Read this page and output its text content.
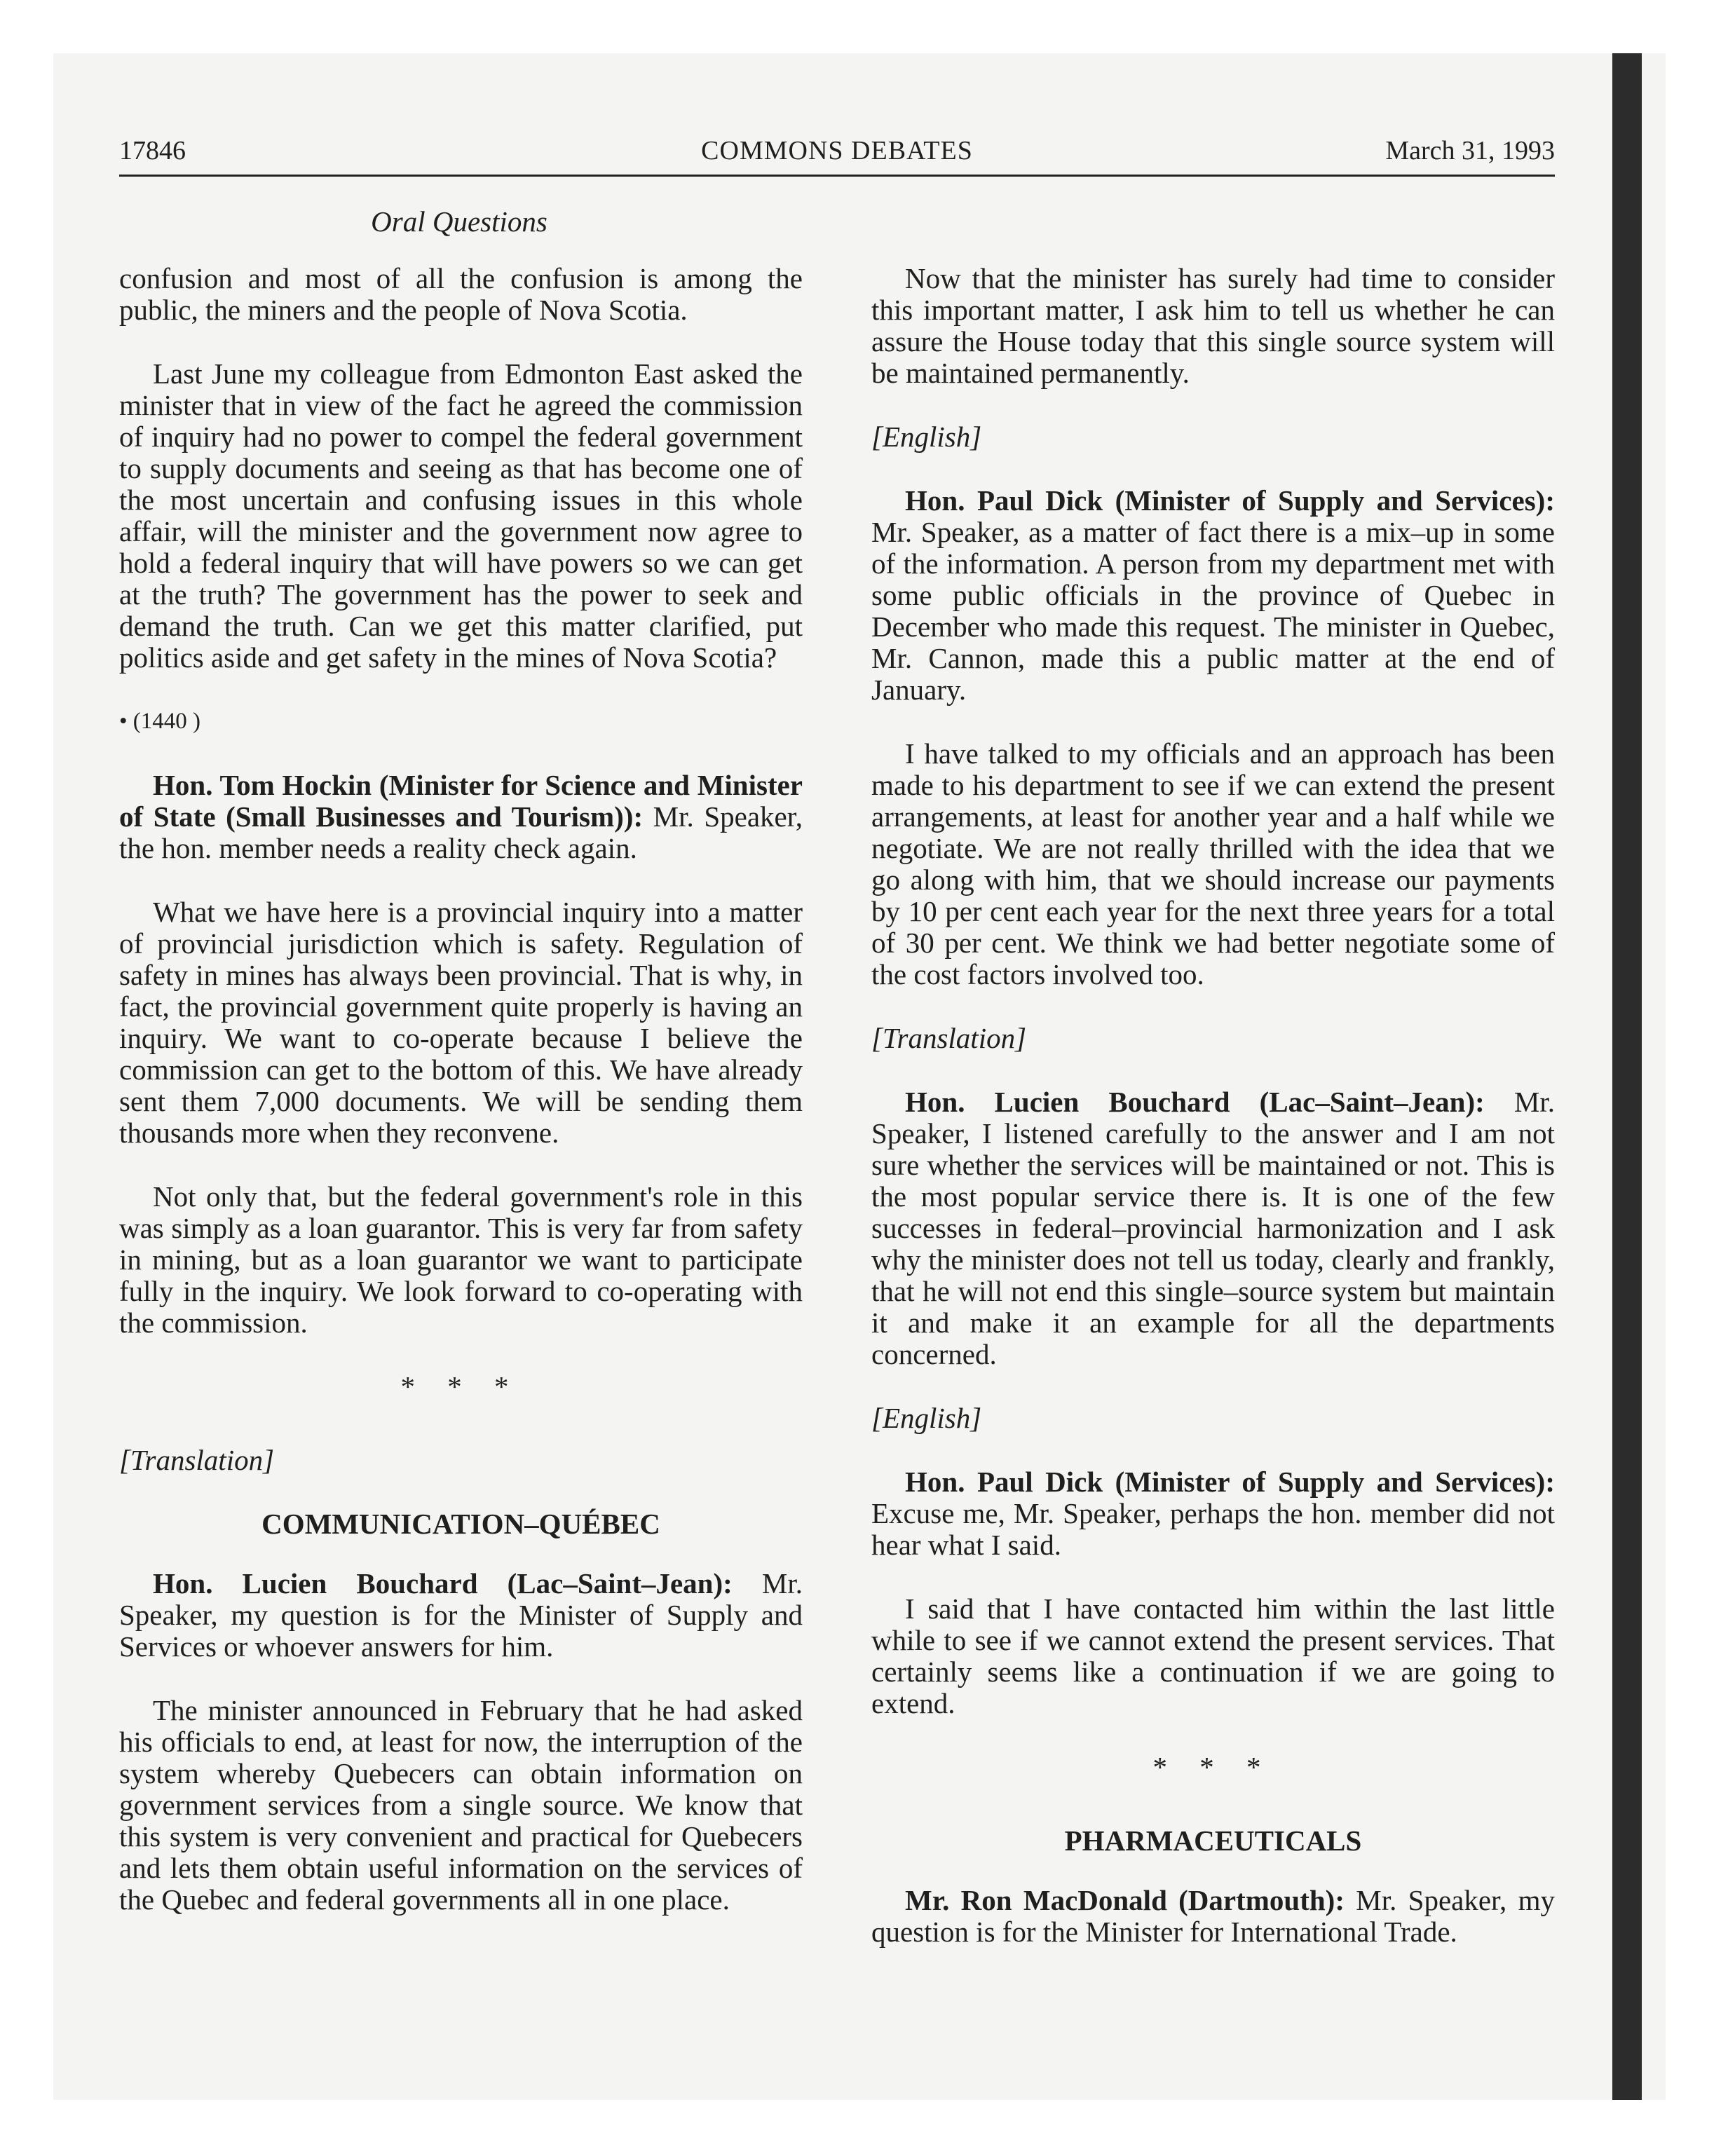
17846	COMMONS DEBATES	March 31, 1993
Oral Questions

confusion and most of all the confusion is among the public, the miners and the people of Nova Scotia.

Last June my colleague from Edmonton East asked the minister that in view of the fact he agreed the commission of inquiry had no power to compel the federal government to supply documents and seeing as that has become one of the most uncertain and confusing issues in this whole affair, will the minister and the government now agree to hold a federal inquiry that will have powers so we can get at the truth? The government has the power to seek and demand the truth. Can we get this matter clarified, put politics aside and get safety in the mines of Nova Scotia?

• (1440 )

Hon. Tom Hockin (Minister for Science and Minister of State (Small Businesses and Tourism)): Mr. Speaker, the hon. member needs a reality check again.

What we have here is a provincial inquiry into a matter of provincial jurisdiction which is safety. Regulation of safety in mines has always been provincial. That is why, in fact, the provincial government quite properly is having an inquiry. We want to co-operate because I believe the commission can get to the bottom of this. We have already sent them 7,000 documents. We will be sending them thousands more when they reconvene.

Not only that, but the federal government's role in this was simply as a loan guarantor. This is very far from safety in mining, but as a loan guarantor we want to participate fully in the inquiry. We look forward to co-operating with the commission.

* * *
[Translation]
COMMUNICATION–QUÉBEC

Hon. Lucien Bouchard (Lac–Saint–Jean): Mr. Speaker, my question is for the Minister of Supply and Services or whoever answers for him.

The minister announced in February that he had asked his officials to end, at least for now, the interruption of the system whereby Quebecers can obtain information on government services from a single source. We know that this system is very convenient and practical for Quebecers and lets them obtain useful information on the services of the Quebec and federal governments all in one place.

Now that the minister has surely had time to consider this important matter, I ask him to tell us whether he can assure the House today that this single source system will be maintained permanently.

[English]

Hon. Paul Dick (Minister of Supply and Services): Mr. Speaker, as a matter of fact there is a mix–up in some of the information. A person from my department met with some public officials in the province of Quebec in December who made this request. The minister in Quebec, Mr. Cannon, made this a public matter at the end of January.

I have talked to my officials and an approach has been made to his department to see if we can extend the present arrangements, at least for another year and a half while we negotiate. We are not really thrilled with the idea that we go along with him, that we should increase our payments by 10 per cent each year for the next three years for a total of 30 per cent. We think we had better negotiate some of the cost factors involved too.

[Translation]

Hon. Lucien Bouchard (Lac–Saint–Jean): Mr. Speaker, I listened carefully to the answer and I am not sure whether the services will be maintained or not. This is the most popular service there is. It is one of the few successes in federal–provincial harmonization and I ask why the minister does not tell us today, clearly and frankly, that he will not end this single–source system but maintain it and make it an example for all the departments concerned.

[English]

Hon. Paul Dick (Minister of Supply and Services): Excuse me, Mr. Speaker, perhaps the hon. member did not hear what I said.

I said that I have contacted him within the last little while to see if we cannot extend the present services. That certainly seems like a continuation if we are going to extend.

* * *
PHARMACEUTICALS

Mr. Ron MacDonald (Dartmouth): Mr. Speaker, my question is for the Minister for International Trade.
